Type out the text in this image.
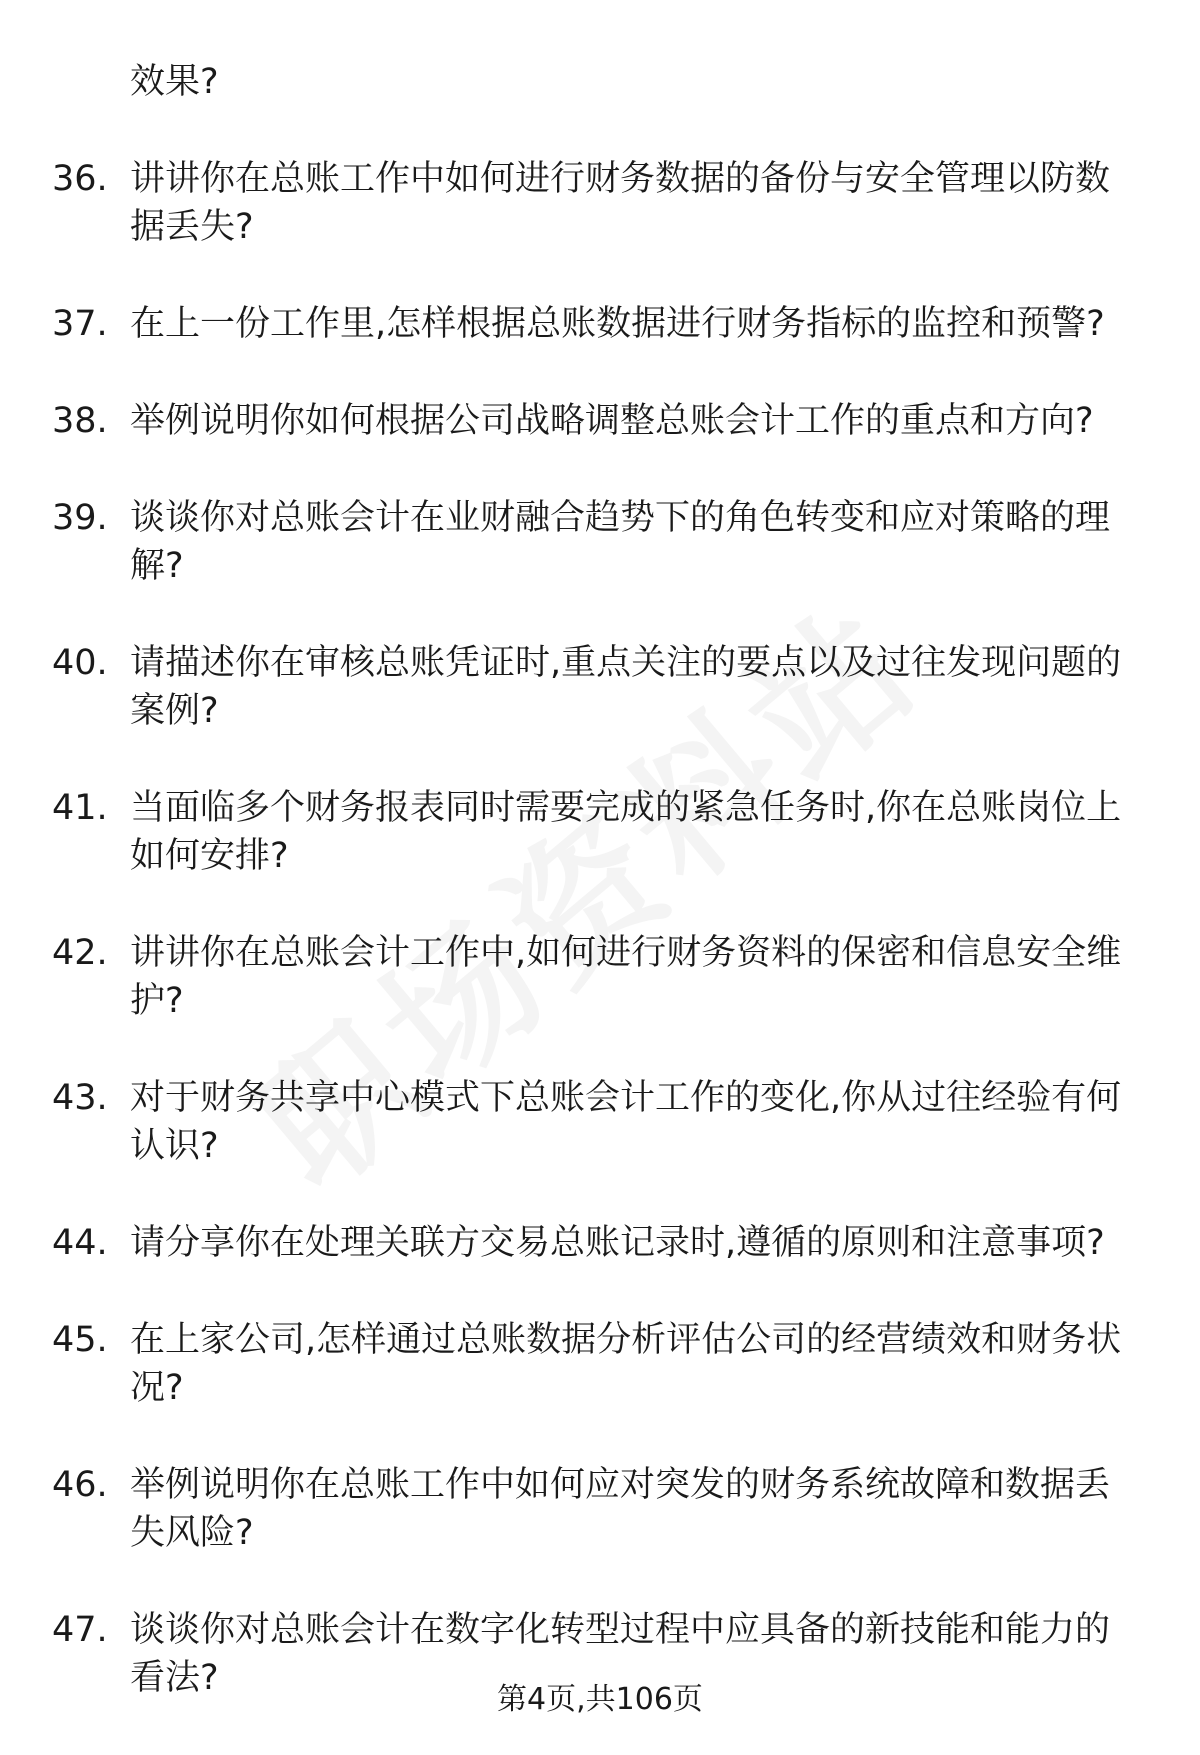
效果?
36. 讲讲你在总账工作中如何进行财务数据的备份与安全管理以防数据丢失?
37. 在上一份工作里,怎样根据总账数据进行财务指标的监控和预警?
38. 举例说明你如何根据公司战略调整总账会计工作的重点和方向?
39. 谈谈你对总账会计在业财融合趋势下的角色转变和应对策略的理解?
40. 请描述你在审核总账凭证时,重点关注的要点以及过往发现问题的案例?
41. 当面临多个财务报表同时需要完成的紧急任务时,你在总账岗位上如何安排?
42. 讲讲你在总账会计工作中,如何进行财务资料的保密和信息安全维护?
43. 对于财务共享中心模式下总账会计工作的变化,你从过往经验有何认识?
44. 请分享你在处理关联方交易总账记录时,遵循的原则和注意事项?
45. 在上家公司,怎样通过总账数据分析评估公司的经营绩效和财务状况?
46. 举例说明你在总账工作中如何应对突发的财务系统故障和数据丢失风险?
47. 谈谈你对总账会计在数字化转型过程中应具备的新技能和能力的看法?
第4页,共106页
